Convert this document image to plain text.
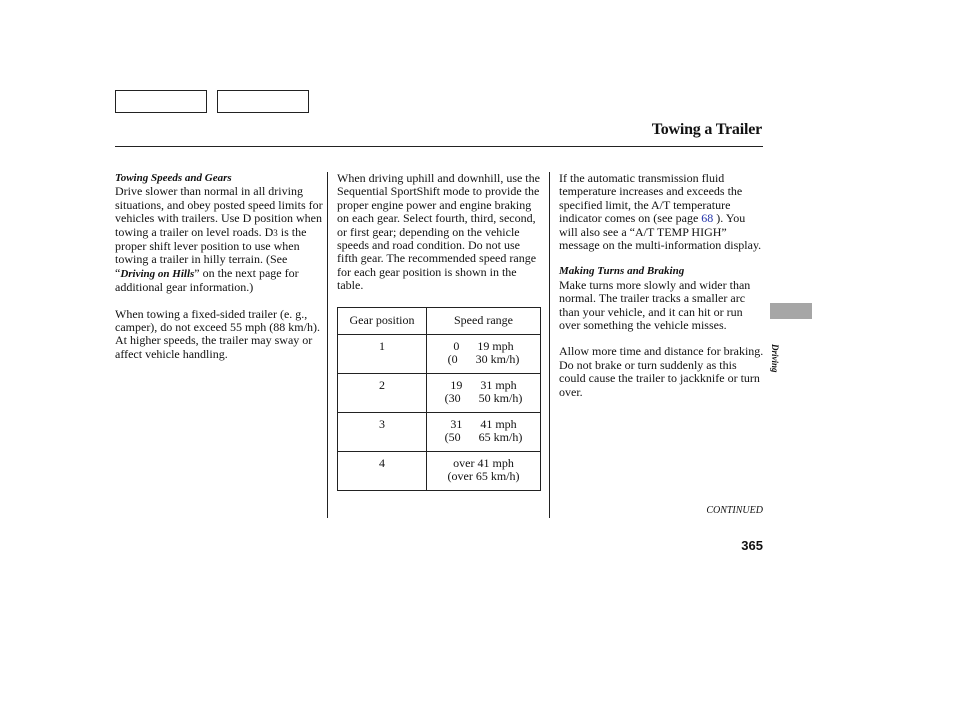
Towing a Trailer
Towing Speeds and Gears

Drive slower than normal in all driving situations, and obey posted speed limits for vehicles with trailers. Use D position when towing a trailer on level roads. D3 is the proper shift lever position to use when towing a trailer in hilly terrain. (See “Driving on Hills” on the next page for additional gear information.)

When towing a fixed-sided trailer (e. g., camper), do not exceed 55 mph (88 km/h). At higher speeds, the trailer may sway or affect vehicle handling.

When driving uphill and downhill, use the Sequential SportShift mode to provide the proper engine power and engine braking on each gear. Select fourth, third, second, or first gear; depending on the vehicle speeds and road condition. Do not use fifth gear. The recommended speed range for each gear position is shown in the table.

Gear position	Speed range
1	0      19 mph
(0      30 km/h)

2	19      31 mph
(30      50 km/h)

3	31      41 mph
(50      65 km/h)

4	over 41 mph
(over 65 km/h)

If the automatic transmission fluid temperature increases and exceeds the specified limit, the A/T temperature indicator comes on (see page 68 ). You will also see a “A/T TEMP HIGH” message on the multi-information display.

Making Turns and Braking

Make turns more slowly and wider than normal. The trailer tracks a smaller arc than your vehicle, and it can hit or run over something the vehicle misses.

Allow more time and distance for braking. Do not brake or turn suddenly as this could cause the trailer to jackknife or turn over.

CONTINUED
365
Driving
